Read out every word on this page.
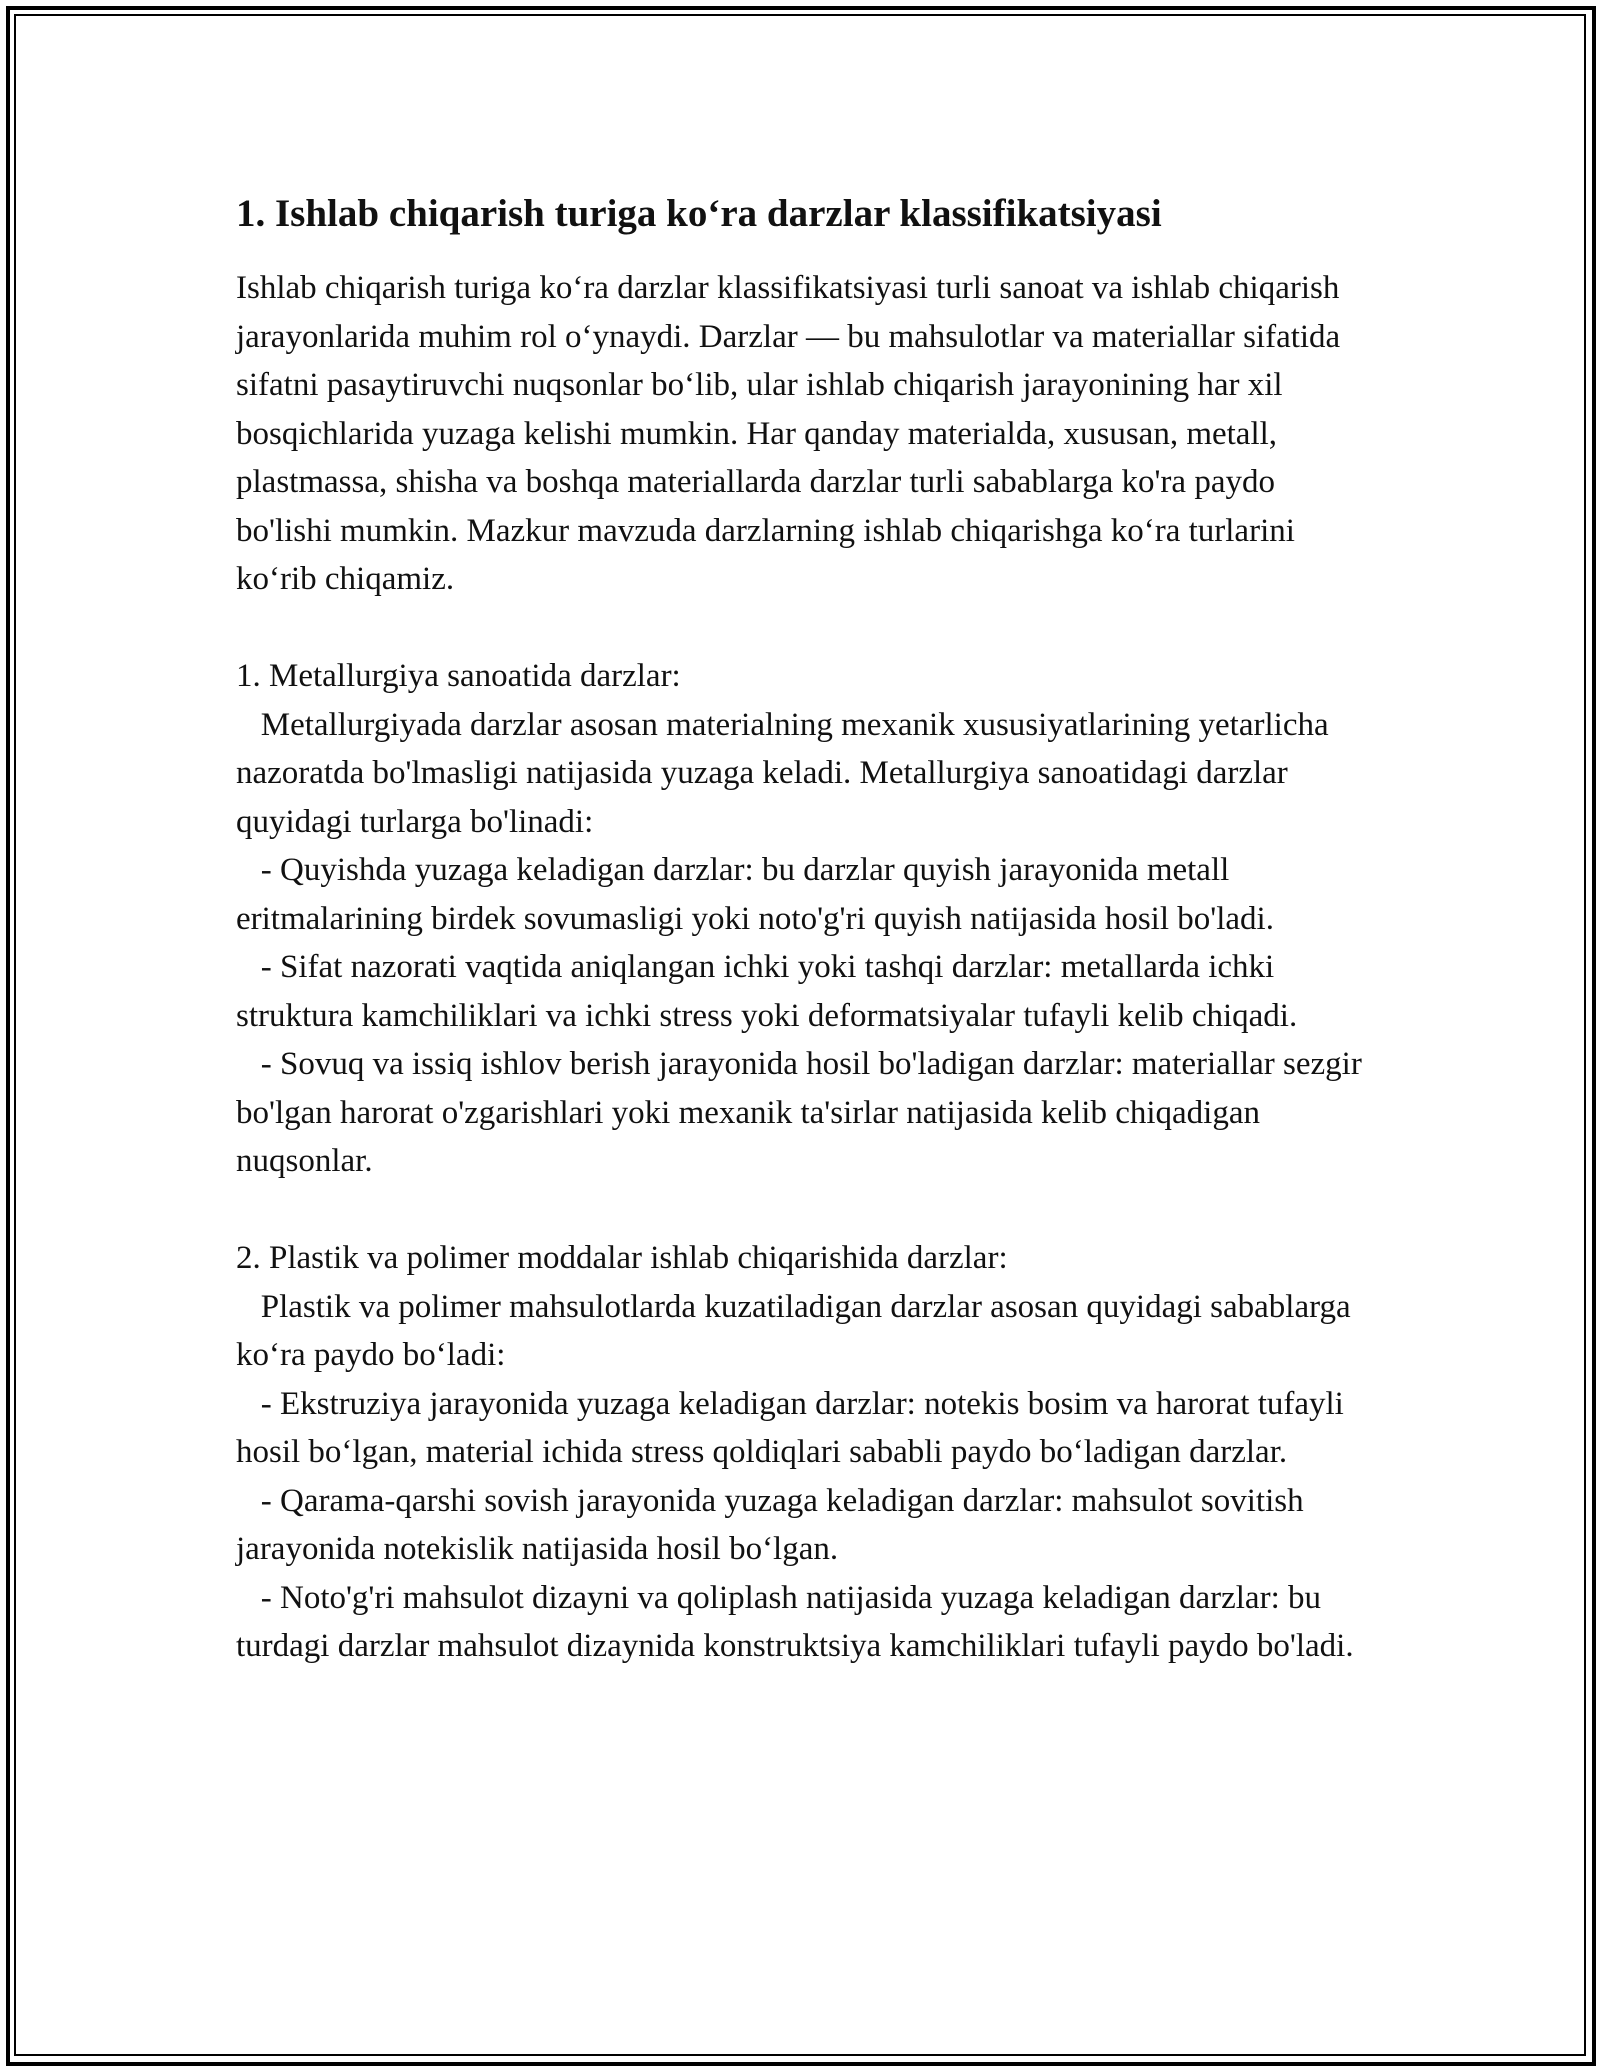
1. Ishlab chiqarish turiga ko‘ra darzlar klassifikatsiyasi

Ishlab chiqarish turiga ko‘ra darzlar klassifikatsiyasi turli sanoat va ishlab chiqarish jarayonlarida muhim rol o‘ynaydi. Darzlar — bu mahsulotlar va materiallar sifatida sifatni pasaytiruvchi nuqsonlar bo‘lib, ular ishlab chiqarish jarayonining har xil bosqichlarida yuzaga kelishi mumkin. Har qanday materialda, xususan, metall, plastmassa, shisha va boshqa materiallarda darzlar turli sabablarga ko'ra paydo bo'lishi mumkin. Mazkur mavzuda darzlarning ishlab chiqarishga ko‘ra turlarini ko‘rib chiqamiz.

1. Metallurgiya sanoatida darzlar:

Metallurgiyada darzlar asosan materialning mexanik xususiyatlarining yetarlicha nazoratda bo'lmasligi natijasida yuzaga keladi. Metallurgiya sanoatidagi darzlar quyidagi turlarga bo'linadi:

- Quyishda yuzaga keladigan darzlar: bu darzlar quyish jarayonida metall eritmalarining birdek sovumasligi yoki noto'g'ri quyish natijasida hosil bo'ladi.

- Sifat nazorati vaqtida aniqlangan ichki yoki tashqi darzlar: metallarda ichki struktura kamchiliklari va ichki stress yoki deformatsiyalar tufayli kelib chiqadi.

- Sovuq va issiq ishlov berish jarayonida hosil bo'ladigan darzlar: materiallar sezgir bo'lgan harorat o'zgarishlari yoki mexanik ta'sirlar natijasida kelib chiqadigan nuqsonlar.

2. Plastik va polimer moddalar ishlab chiqarishida darzlar:

Plastik va polimer mahsulotlarda kuzatiladigan darzlar asosan quyidagi sabablarga ko‘ra paydo bo‘ladi:

- Ekstruziya jarayonida yuzaga keladigan darzlar: notekis bosim va harorat tufayli hosil bo‘lgan, material ichida stress qoldiqlari sababli paydo bo‘ladigan darzlar.

- Qarama-qarshi sovish jarayonida yuzaga keladigan darzlar: mahsulot sovitish jarayonida notekislik natijasida hosil bo‘lgan.

- Noto'g'ri mahsulot dizayni va qoliplash natijasida yuzaga keladigan darzlar: bu turdagi darzlar mahsulot dizaynida konstruktsiya kamchiliklari tufayli paydo bo'ladi.
